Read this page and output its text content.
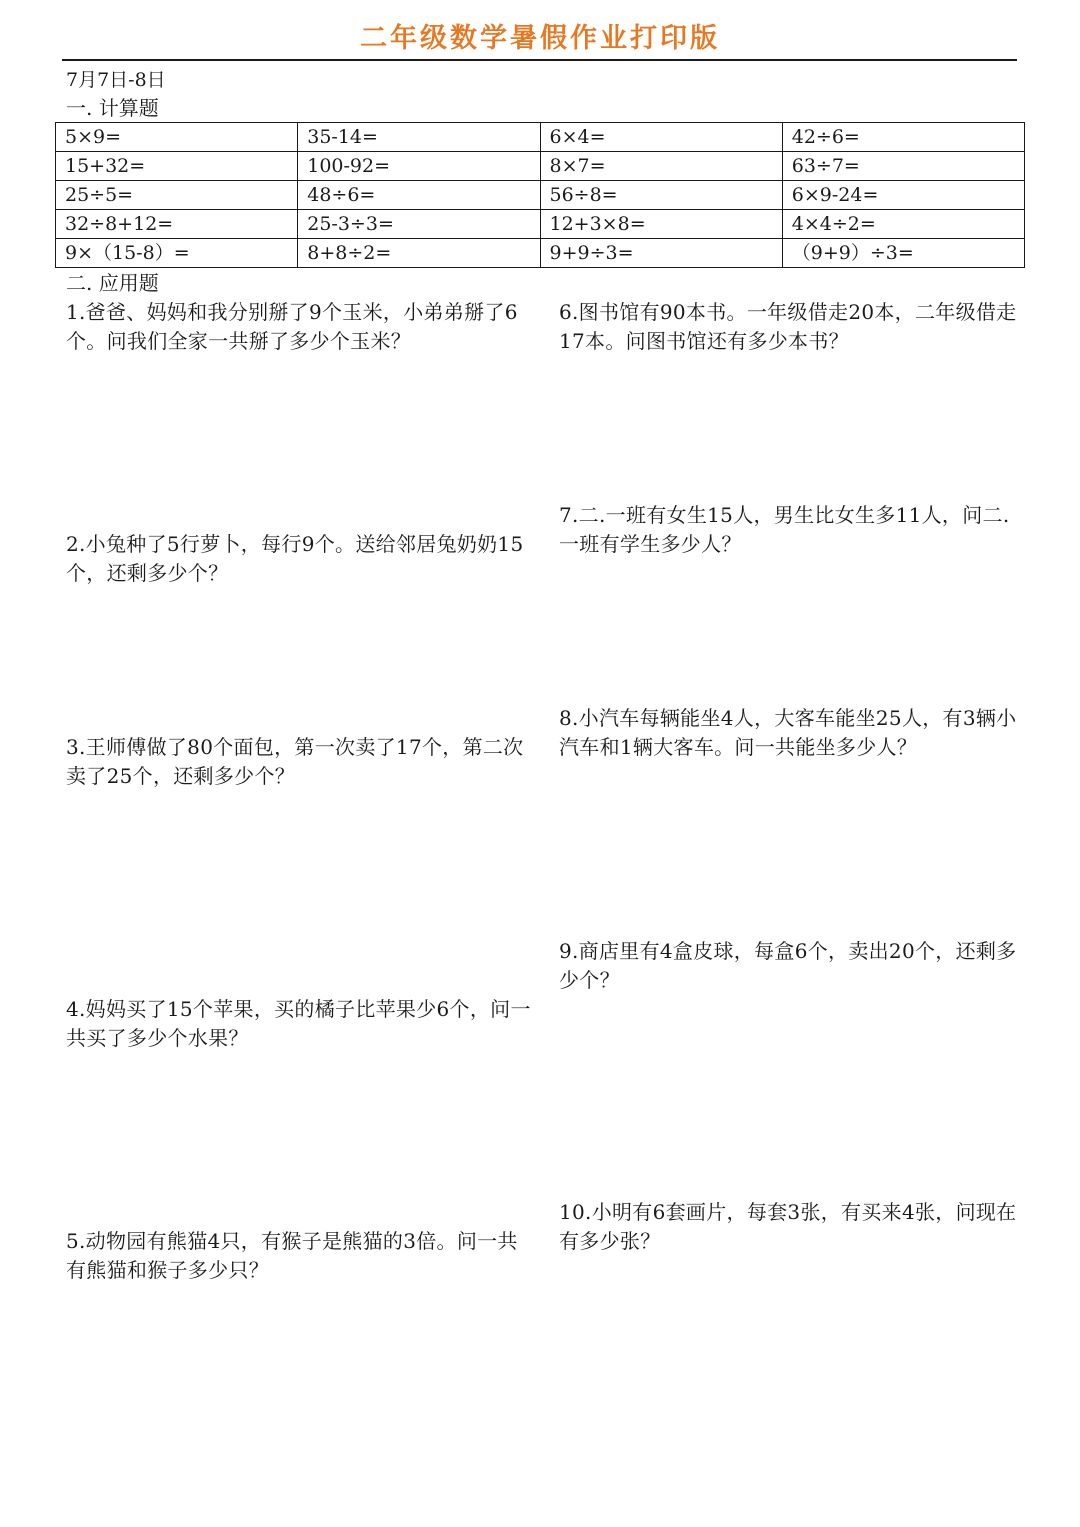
二年级数学暑假作业打印版
7月7日-8日
一. 计算题
5×9=	35-14=	6×4=	42÷6=
15+32=	100-92=	8×7=	63÷7=
25÷5=	48÷6=	56÷8=	6×9-24=
32÷8+12=	25-3÷3=	12+3×8=	4×4÷2=
9×（15-8）=	8+8÷2=	9+9÷3=	（9+9）÷3=
二. 应用题
1.爸爸、妈妈和我分别掰了9个玉米，小弟弟掰了6个。问我们全家一共掰了多少个玉米？
2.小兔种了5行萝卜，每行9个。送给邻居兔奶奶15个，还剩多少个？
3.王师傅做了80个面包，第一次卖了17个，第二次卖了25个，还剩多少个？
4.妈妈买了15个苹果，买的橘子比苹果少6个，问一共买了多少个水果？
5.动物园有熊猫4只，有猴子是熊猫的3倍。问一共有熊猫和猴子多少只？
6.图书馆有90本书。一年级借走20本，二年级借走17本。问图书馆还有多少本书？
7.二.一班有女生15人，男生比女生多11人，问二.一班有学生多少人？
8.小汽车每辆能坐4人，大客车能坐25人，有3辆小汽车和1辆大客车。问一共能坐多少人？
9.商店里有4盒皮球，每盒6个，卖出20个，还剩多少个？
10.小明有6套画片，每套3张，有买来4张，问现在有多少张？
